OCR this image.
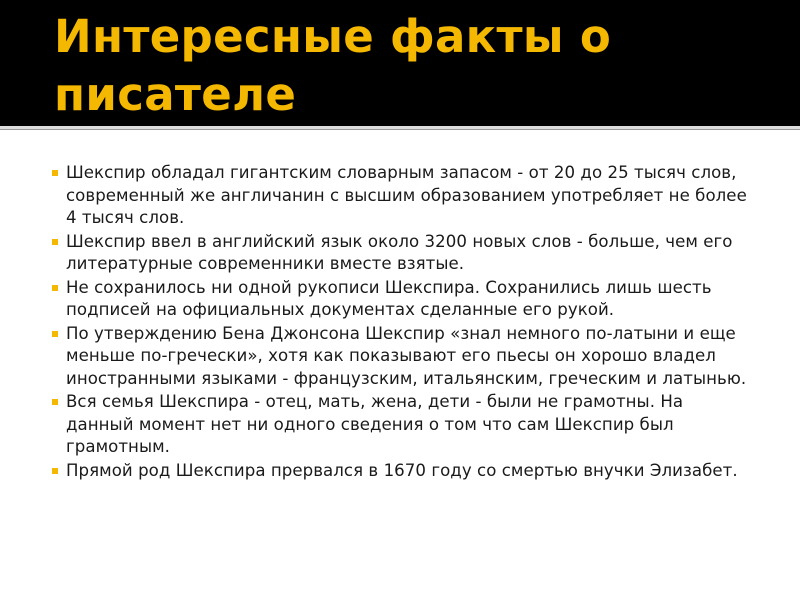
Интересные факты о писателе
Шекспир обладал гигантским словарным запасом - от 20 до 25 тысяч слов, современный же англичанин с высшим образованием употребляет не более 4 тысяч слов.
Шекспир ввел в английский язык около 3200 новых слов - больше, чем его литературные современники вместе взятые.
Не сохранилось ни одной рукописи Шекспира. Сохранились лишь шесть подписей на официальных документах сделанные его рукой.
По утверждению Бена Джонсона Шекспир «знал немного по-латыни и еще меньше по-гречески», хотя как показывают его пьесы он хорошо владел иностранными языками - французским, итальянским, греческим и латынью.
Вся семья Шекспира - отец, мать, жена, дети - были не грамотны. На данный момент нет ни одного сведения о том что сам Шекспир был грамотным.
Прямой род Шекспира прервался в 1670 году со смертью внучки Элизабет.
